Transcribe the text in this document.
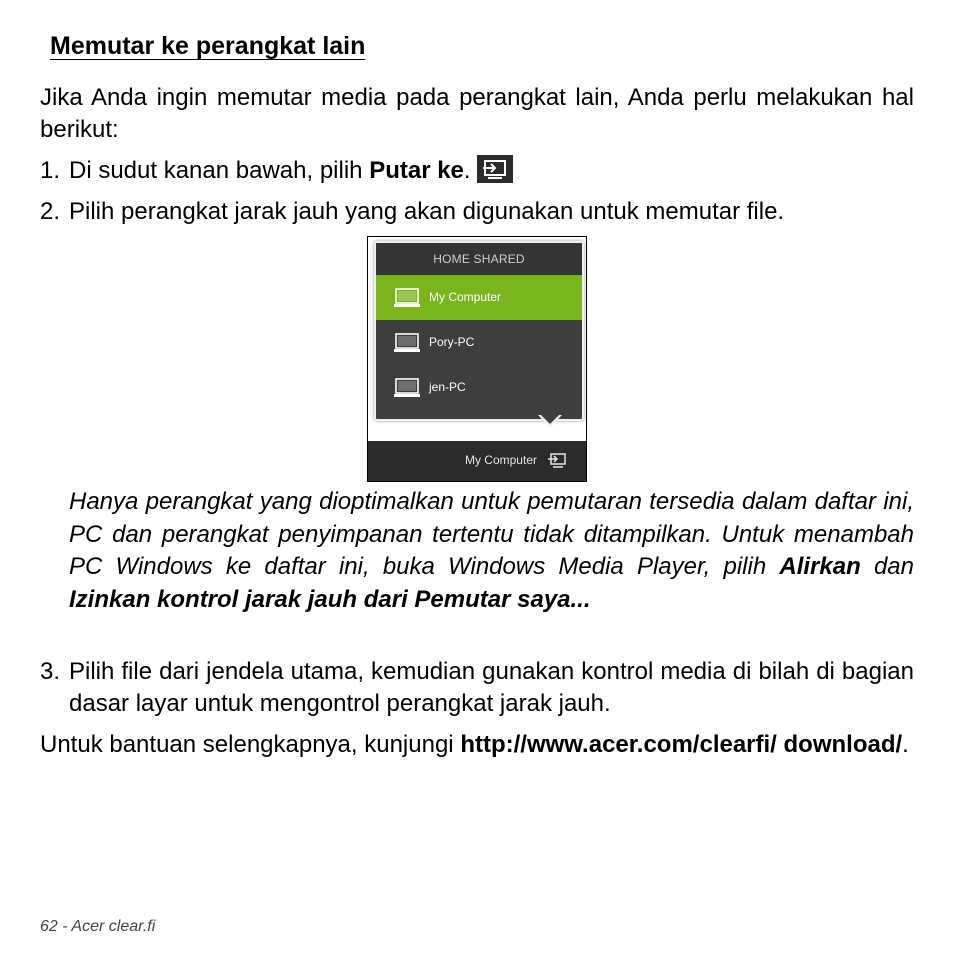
Memutar ke perangkat lain

Jika Anda ingin memutar media pada perangkat lain, Anda perlu melakukan hal berikut:

1. Di sudut kanan bawah, pilih Putar ke.
2. Pilih perangkat jarak jauh yang akan digunakan untuk memutar file.
HOME SHARED
My Computer
Pory-PC
jen-PC
My Computer

Hanya perangkat yang dioptimalkan untuk pemutaran tersedia dalam daftar ini, PC dan perangkat penyimpanan tertentu tidak ditampilkan. Untuk menambah PC Windows ke daftar ini, buka Windows Media Player, pilih Alirkan dan Izinkan kontrol jarak jauh dari Pemutar saya...

3. Pilih file dari jendela utama, kemudian gunakan kontrol media di bilah di bagian dasar layar untuk mengontrol perangkat jarak jauh.

Untuk bantuan selengkapnya, kunjungi http://www.acer.com/clearfi/ download/.

62 - Acer clear.fi
